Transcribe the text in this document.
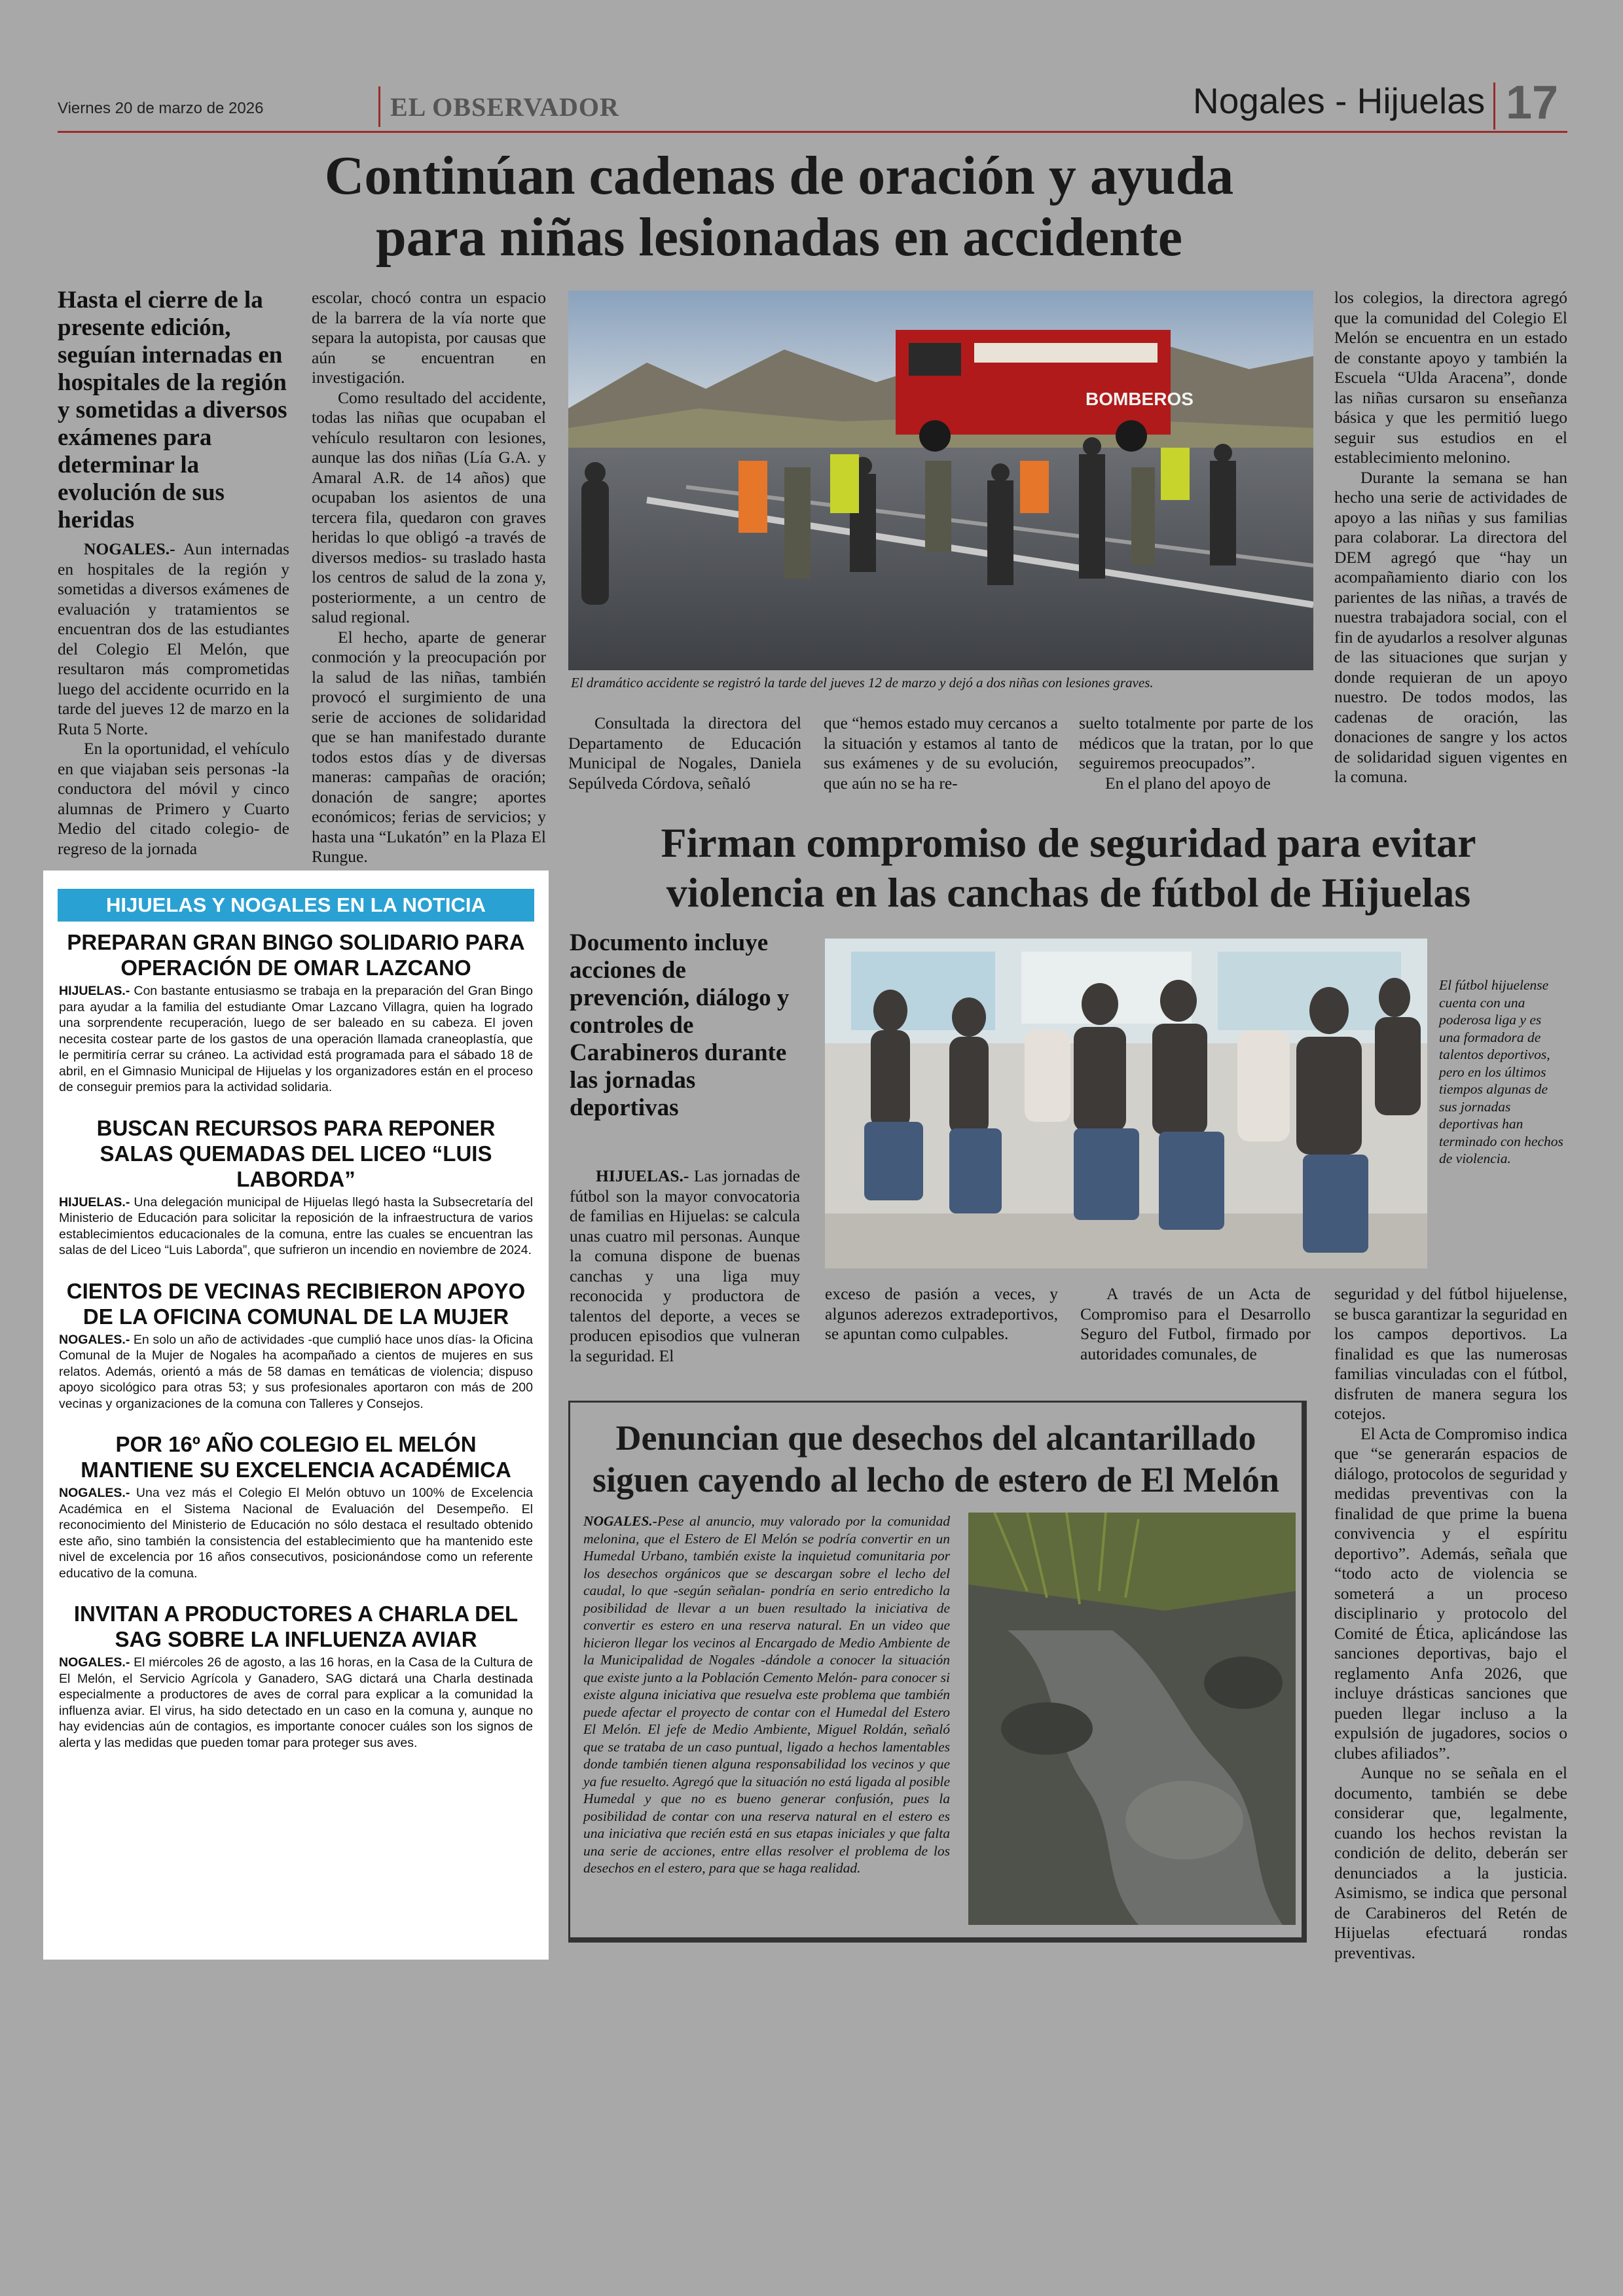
Viernes 20 de marzo de 2026	EL OBSERVADOR	Nogales - Hijuelas 17
Continúan cadenas de oración y ayuda
para niñas lesionadas en accidente
Hasta el cierre de la presente edición, seguían internadas en hospitales de la región y sometidas a diversos exámenes para determinar la evolución de sus heridas

NOGALES.- Aun internadas en hospitales de la región y sometidas a diversos exámenes de evaluación y tratamientos se encuentran dos de las estudiantes del Colegio El Melón, que resultaron más comprometidas luego del accidente ocurrido en la tarde del jueves 12 de marzo en la Ruta 5 Norte.

En la oportunidad, el vehículo en que viajaban seis personas -la conductora del móvil y cinco alumnas de Primero y Cuarto Medio del citado colegio- de regreso de la jornada

escolar, chocó contra un espacio de la barrera de la vía norte que separa la autopista, por causas que aún se encuentran en investigación.

Como resultado del accidente, todas las niñas que ocupaban el vehículo resultaron con lesiones, aunque las dos niñas (Lía G.A. y Amaral A.R. de 14 años) que ocupaban los asientos de una tercera fila, quedaron con graves heridas lo que obligó -a través de diversos medios- su traslado hasta los centros de salud de la zona y, posteriormente, a un centro de salud regional.

El hecho, aparte de generar conmoción y la preocupación por la salud de las niñas, también provocó el surgimiento de una serie de acciones de solidaridad que se han manifestado durante todos estos días y de diversas maneras: campañas de oración; donación de sangre; aportes económicos; ferias de servicios; y hasta una “Lukatón” en la Plaza El Rungue.

BOMBEROS
El dramático accidente se registró la tarde del jueves 12 de marzo y dejó a dos niñas con lesiones graves.

Consultada la directora del Departamento de Educación Municipal de Nogales, Daniela Sepúlveda Córdova, señaló

que “hemos estado muy cercanos a la situación y estamos al tanto de sus exámenes y de su evolución, que aún no se ha re-

suelto totalmente por parte de los médicos que la tratan, por lo que seguiremos preocupados”.

En el plano del apoyo de

los colegios, la directora agregó que la comunidad del Colegio El Melón se encuentra en un estado de constante apoyo y también la Escuela “Ulda Aracena”, donde las niñas cursaron su enseñanza básica y que les permitió luego seguir sus estudios en el establecimiento melonino.

Durante la semana se han hecho una serie de actividades de apoyo a las niñas y sus familias para colaborar. La directora del DEM agregó que “hay un acompañamiento diario con los parientes de las niñas, a través de nuestra trabajadora social, con el fin de ayudarlos a resolver algunas de las situaciones que surjan y donde requieran de un apoyo nuestro. De todos modos, las cadenas de oración, las donaciones de sangre y los actos de solidaridad siguen vigentes en la comuna.

HIJUELAS Y NOGALES EN LA NOTICIA
PREPARAN GRAN BINGO SOLIDARIO PARA OPERACIÓN DE OMAR LAZCANO

HIJUELAS.- Con bastante entusiasmo se trabaja en la preparación del Gran Bingo para ayudar a la familia del estudiante Omar Lazcano Villagra, quien ha logrado una sorprendente recuperación, luego de ser baleado en su cabeza. El joven necesita costear parte de los gastos de una operación llamada craneoplastía, que le permitiría cerrar su cráneo. La actividad está programada para el sábado 18 de abril, en el Gimnasio Municipal de Hijuelas y los organizadores están en el proceso de conseguir premios para la actividad solidaria.

BUSCAN RECURSOS PARA REPONER SALAS QUEMADAS DEL LICEO “LUIS LABORDA”

HIJUELAS.- Una delegación municipal de Hijuelas llegó hasta la Subsecretaría del Ministerio de Educación para solicitar la reposición de la infraestructura de varios establecimientos educacionales de la comuna, entre las cuales se encuentran las salas de del Liceo “Luis Laborda”, que sufrieron un incendio en noviembre de 2024.

CIENTOS DE VECINAS RECIBIERON APOYO DE LA OFICINA COMUNAL DE LA MUJER

NOGALES.- En solo un año de actividades -que cumplió hace unos días- la Oficina Comunal de la Mujer de Nogales ha acompañado a cientos de mujeres en sus relatos. Además, orientó a más de 58 damas en temáticas de violencia; dispuso apoyo sicológico para otras 53; y sus profesionales aportaron con más de 200 vecinas y organizaciones de la comuna con Talleres y Consejos.

POR 16º AÑO COLEGIO EL MELÓN MANTIENE SU EXCELENCIA ACADÉMICA

NOGALES.- Una vez más el Colegio El Melón obtuvo un 100% de Excelencia Académica en el Sistema Nacional de Evaluación del Desempeño. El reconocimiento del Ministerio de Educación no sólo destaca el resultado obtenido este año, sino también la consistencia del establecimiento que ha mantenido este nivel de excelencia por 16 años consecutivos, posicionándose como un referente educativo de la comuna.

INVITAN A PRODUCTORES A CHARLA DEL SAG SOBRE LA INFLUENZA AVIAR

NOGALES.- El miércoles 26 de agosto, a las 16 horas, en la Casa de la Cultura de El Melón, el Servicio Agrícola y Ganadero, SAG dictará una Charla destinada especialmente a productores de aves de corral para explicar a la comunidad la influenza aviar. El virus, ha sido detectado en un caso en la comuna y, aunque no hay evidencias aún de contagios, es importante conocer cuáles son los signos de alerta y las medidas que pueden tomar para proteger sus aves.

Firman compromiso de seguridad para evitar
violencia en las canchas de fútbol de Hijuelas
Documento incluye acciones de prevención, diálogo y controles de Carabineros durante las jornadas deportivas

HIJUELAS.- Las jornadas de fútbol son la mayor convocatoria de familias en Hijuelas: se calcula unas cuatro mil personas. Aunque la comuna dispone de buenas canchas y una liga muy reconocida y productora de talentos del deporte, a veces se producen episodios que vulneran la seguridad. El

El fútbol hijuelense cuenta con una poderosa liga y es una formadora de talentos deportivos, pero en los últimos tiempos algunas de sus jornadas deportivas han terminado con hechos de violencia.

exceso de pasión a veces, y algunos aderezos extradeportivos, se apuntan como culpables.

A través de un Acta de Compromiso para el Desarrollo Seguro del Futbol, firmado por autoridades comunales, de

seguridad y del fútbol hijuelense, se busca garantizar la seguridad en los campos deportivos. La finalidad es que las numerosas familias vinculadas con el fútbol, disfruten de manera segura los cotejos.

El Acta de Compromiso indica que “se generarán espacios de diálogo, protocolos de seguridad y medidas preventivas con la finalidad de que prime la buena convivencia y el espíritu deportivo”. Además, señala que “todo acto de violencia se someterá a un proceso disciplinario y protocolo del Comité de Ética, aplicándose las sanciones deportivas, bajo el reglamento Anfa 2026, que incluye drásticas sanciones que pueden llegar incluso a la expulsión de jugadores, socios o clubes afiliados”.

Aunque no se señala en el documento, también se debe considerar que, legalmente, cuando los hechos revistan la condición de delito, deberán ser denunciados a la justicia. Asimismo, se indica que personal de Carabineros del Retén de Hijuelas efectuará rondas preventivas.

Denuncian que desechos del alcantarillado
siguen cayendo al lecho de estero de El Melón
NOGALES.-Pese al anuncio, muy valorado por la comunidad melonina, que el Estero de El Melón se podría convertir en un Humedal Urbano, también existe la inquietud comunitaria por los desechos orgánicos que se descargan sobre el lecho del caudal, lo que -según señalan- pondría en serio entredicho la posibilidad de llevar a un buen resultado la iniciativa de convertir es estero en una reserva natural. En un video que hicieron llegar los vecinos al Encargado de Medio Ambiente de la Municipalidad de Nogales -dándole a conocer la situación que existe junto a la Población Cemento Melón- para conocer si existe alguna iniciativa que resuelva este problema que también puede afectar el proyecto de contar con el Humedal del Estero El Melón. El jefe de Medio Ambiente, Miguel Roldán, señaló que se trataba de un caso puntual, ligado a hechos lamentables donde también tienen alguna responsabilidad los vecinos y que ya fue resuelto. Agregó que la situación no está ligada al posible Humedal y que no es bueno generar confusión, pues la posibilidad de contar con una reserva natural en el estero es una iniciativa que recién está en sus etapas iniciales y que falta una serie de acciones, entre ellas resolver el problema de los desechos en el estero, para que se haga realidad.
